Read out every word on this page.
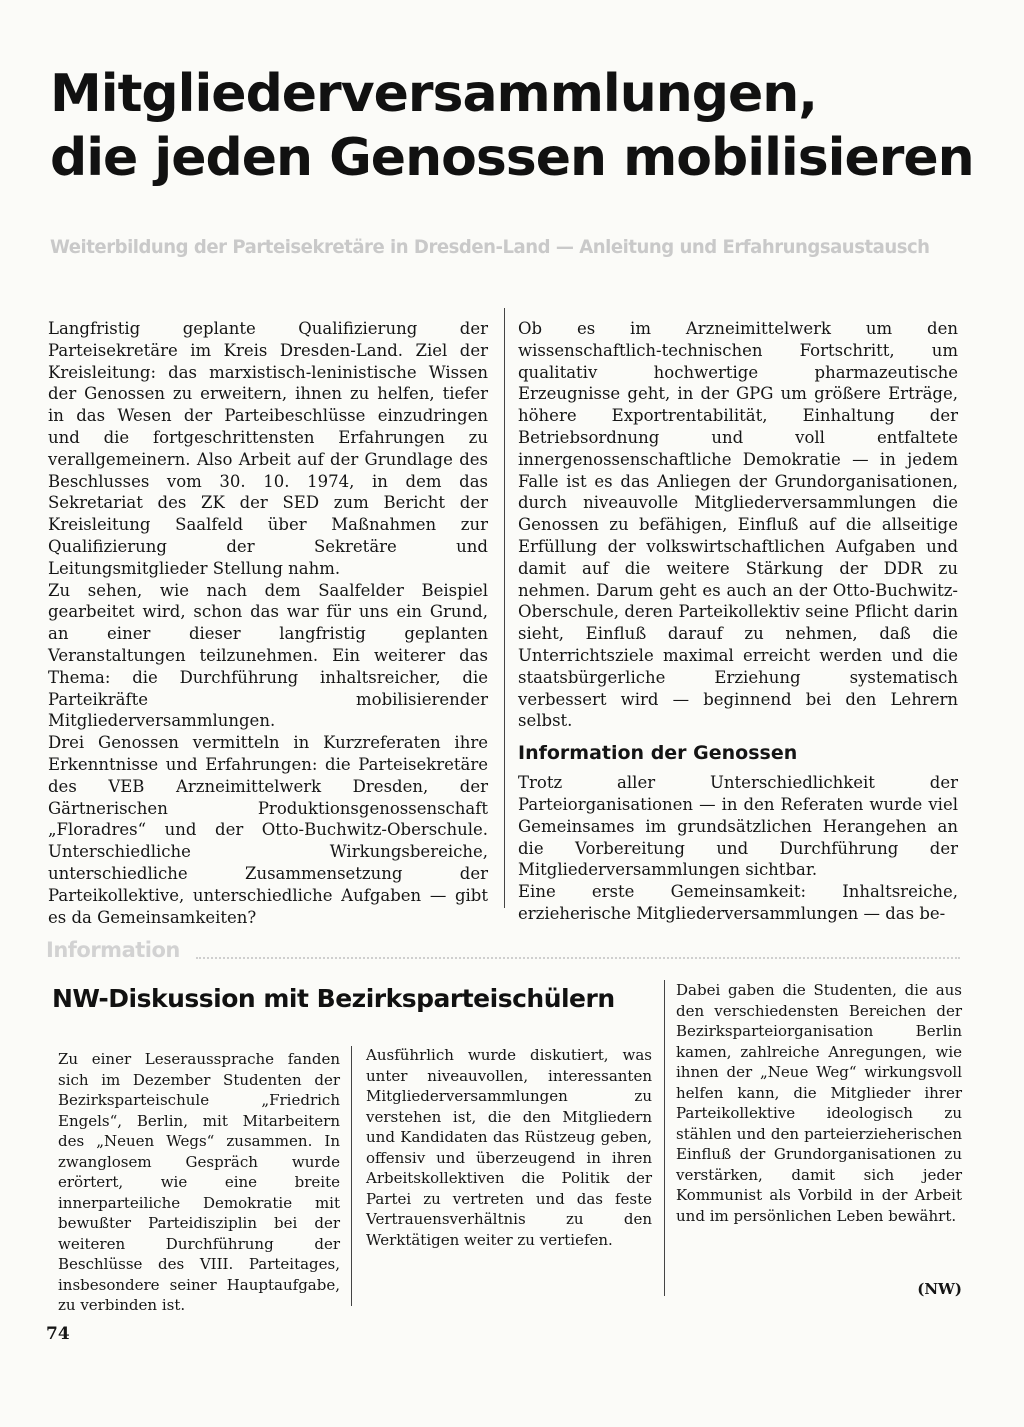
Mitgliederversammlungen,
die jeden Genossen mobilisieren
Weiterbildung der Parteisekretäre in Dresden-Land — Anleitung und Erfahrungsaustausch

Langfristig geplante Qualifizierung der Parteisekretäre im Kreis Dresden-Land. Ziel der Kreisleitung: das marxistisch-leninistische Wissen der Genossen zu erweitern, ihnen zu helfen, tiefer in das Wesen der Parteibeschlüsse einzudringen und die fortgeschrittensten Erfahrungen zu verallgemeinern. Also Arbeit auf der Grundlage des Beschlusses vom 30. 10. 1974, in dem das Sekretariat des ZK der SED zum Bericht der Kreisleitung Saalfeld über Maßnahmen zur Qualifizierung der Sekretäre und Leitungsmitglieder Stellung nahm.

Zu sehen, wie nach dem Saalfelder Beispiel gearbeitet wird, schon das war für uns ein Grund, an einer dieser langfristig geplanten Veranstaltungen teilzunehmen. Ein weiterer das Thema: die Durchführung inhaltsreicher, die Parteikräfte mobilisierender Mitgliederversammlungen.

Drei Genossen vermitteln in Kurzreferaten ihre Erkenntnisse und Erfahrungen: die Parteisekretäre des VEB Arzneimittelwerk Dresden, der Gärtnerischen Produktionsgenossenschaft „Floradres“ und der Otto-Buchwitz-Oberschule. Unterschiedliche Wirkungsbereiche, unterschiedliche Zusammensetzung der Parteikollektive, unterschiedliche Aufgaben — gibt es da Gemeinsamkeiten?

Ob es im Arzneimittelwerk um den wissenschaftlich-technischen Fortschritt, um qualitativ hochwertige pharmazeutische Erzeugnisse geht, in der GPG um größere Erträge, höhere Exportrentabilität, Einhaltung der Betriebsordnung und voll entfaltete innergenossenschaftliche Demokratie — in jedem Falle ist es das Anliegen der Grundorganisationen, durch niveauvolle Mitgliederversammlungen die Genossen zu befähigen, Einfluß auf die allseitige Erfüllung der volkswirtschaftlichen Aufgaben und damit auf die weitere Stärkung der DDR zu nehmen. Darum geht es auch an der Otto-Buchwitz-Oberschule, deren Parteikollektiv seine Pflicht darin sieht, Einfluß darauf zu nehmen, daß die Unterrichtsziele maximal erreicht werden und die staatsbürgerliche Erziehung systematisch verbessert wird — beginnend bei den Lehrern selbst.

Information der Genossen

Trotz aller Unterschiedlichkeit der Parteiorganisationen — in den Referaten wurde viel Gemeinsames im grundsätzlichen Herangehen an die Vorbereitung und Durchführung der Mitgliederversammlungen sichtbar.

Eine erste Gemeinsamkeit: Inhaltsreiche, erzieherische Mitgliederversammlungen — das be-

Information
NW-Diskussion mit Bezirksparteischülern

Zu einer Leseraussprache fanden sich im Dezember Studenten der Bezirksparteischule „Friedrich Engels“, Berlin, mit Mitarbeitern des „Neuen Wegs“ zusammen. In zwanglosem Gespräch wurde erörtert, wie eine breite innerparteiliche Demokratie mit bewußter Parteidisziplin bei der weiteren Durchführung der Beschlüsse des VIII. Parteitages, insbesondere seiner Hauptaufgabe, zu verbinden ist.

Ausführlich wurde diskutiert, was unter niveauvollen, interessanten Mitgliederversammlungen zu verstehen ist, die den Mitgliedern und Kandidaten das Rüstzeug geben, offensiv und überzeugend in ihren Arbeitskollektiven die Politik der Partei zu vertreten und das feste Vertrauensverhältnis zu den Werktätigen weiter zu vertiefen.

Dabei gaben die Studenten, die aus den verschiedensten Bereichen der Bezirksparteiorganisation Berlin kamen, zahlreiche Anregungen, wie ihnen der „Neue Weg“ wirkungsvoll helfen kann, die Mitglieder ihrer Parteikollektive ideologisch zu stählen und den parteierzieherischen Einfluß der Grundorganisationen zu verstärken, damit sich jeder Kommunist als Vorbild in der Arbeit und im persönlichen Leben bewährt.

(NW)
74
